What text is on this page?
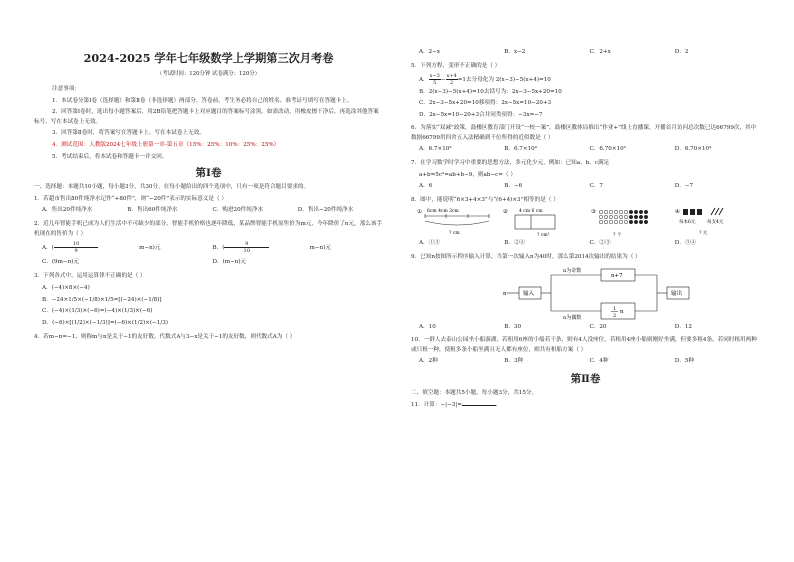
2024-2025 学年七年级数学上学期第三次月考卷
（考试时间：120分钟 试卷满分：120分）
注意事项：
1．本试卷分第Ⅰ卷（选择题）和第Ⅱ卷（非选择题）两部分。答卷前，考生务必将自己的姓名、准考证号填写在答题卡上。
2．回答第Ⅰ卷时，选出每小题答案后，用2B铅笔把答题卡上对应题目的答案标号涂黑。如需改动，用橡皮擦干净后，再选涂其他答案标号。写在本试卷上无效。
3．回答第Ⅱ卷时，将答案写在答题卡上。写在本试卷上无效。
4．测试范围：人教版2024七年级上册第一章-第五章（15%：25%：10%：25%：25%）
5．考试结束后，将本试卷和答题卡一并交回。
第Ⅰ卷
一、选择题：本题共10小题，每小题3分，共30分。在每小题给出的四个选项中，只有一项是符合题目要求的。
1．若超市售出80件纯净水记作“+80件”，则“−20件”表示的实际意义是（ ）
A．售出20件纯净水	B．售出60件纯净水	C．购进20件纯净水	D．售出−20件纯净水
2．近几年智能手机已成为人们生活中不可缺少的部分，智能手机价格也逐年降低，某品牌智能手机原售价为m元，今年降价了n元，那么该手机现在的售价为（ ）
A．( $\frac{10}{9} m-n$)元	B．( $\frac{9}{10} m-n$)元
C．(9m−n)元	D．(m−n)元
3．下列各式中，运用运算律不正确的是（ ）
A．(−4)×8×(−4)
B．−24×1/5×(−1/8)×1/5=[(−24)×(−1/8)]
C．(−4)×(1/3)×(−6)=(−4)×(1/3)×(−6)
D．(−6)×[(1/2)×(−1/3)]=(−6)×(1/2)×(−1/3)
4．若m−n=−1，则称m与n是关于−1的友好数。代数式A与3−x是关于−1的友好数，则代数式A为（ ）
A．2−x	B．x−2	C．2+x	D．2
5．下列方程，变形不正确的是（ ）
A． $\frac{x-3}{5} - \frac{x+4}{2} =1$去分母化为 2(x−3)−5(x+4)=10
B．2(x−3)−5(x+4)=10去括号为：2x−3−5x+20=10
C．2x−3−5x+20=10移项得：2x−5x=10−20+3
D．2x−5x=10−20+3合并同类项得：−3x=−7
6．为落实“双减”政策，鼓楼区教育部门开设“一校一案”，鼓楼区教体局推出“作业+”线上直播课，开播首月访问总次数已达66799次，其中数据66799用四舍五入法精确到千位所得的近似数是（ ）
A．6.7×10³	B．6.7×10⁴	C．6.70×10³	D．6.70×10⁴
7．在学习数学时学习中重要的思想方法，多元化少元，例如：已知a、b、c满足
a+b=5c²=ab+b−9，则ab−c=（ ）
A．6	B．−6	C．7	D．−7
8．图中，能说明“6×3+4×3”与“(6+4)×3”相等的是（ ）
① 6cm 4cm 3cm
? cm
② 4 cm 6 cm
? cm²
③
? 个
④
每本6元	每支4元
? 元
A．①③	B．②④	C．②③	D．③④
9．已知n按图所示程序输入计算，当第一次输入n为40时，那么第2014次输出的结果为（ ）
n	输入
n为奇数
n为偶数
n+7
1
2
n
输出
A．10	B．30	C．20	D．12
10．一群人去泰山公园坐小船游湖，若租用6座的小船若干条，则有4人没座位，若租用4座小船则刚好坐满，但要多租4条，若同时租用两种或只租一种，使租多条小船坐满且无人都有座位，则共有租船方案（ ）
A．2种	B．3种	C．4种	D．5种
第Ⅱ卷
二、填空题：本题共5小题，每小题3分，共15分。
11．计算：−|−3|=	．
